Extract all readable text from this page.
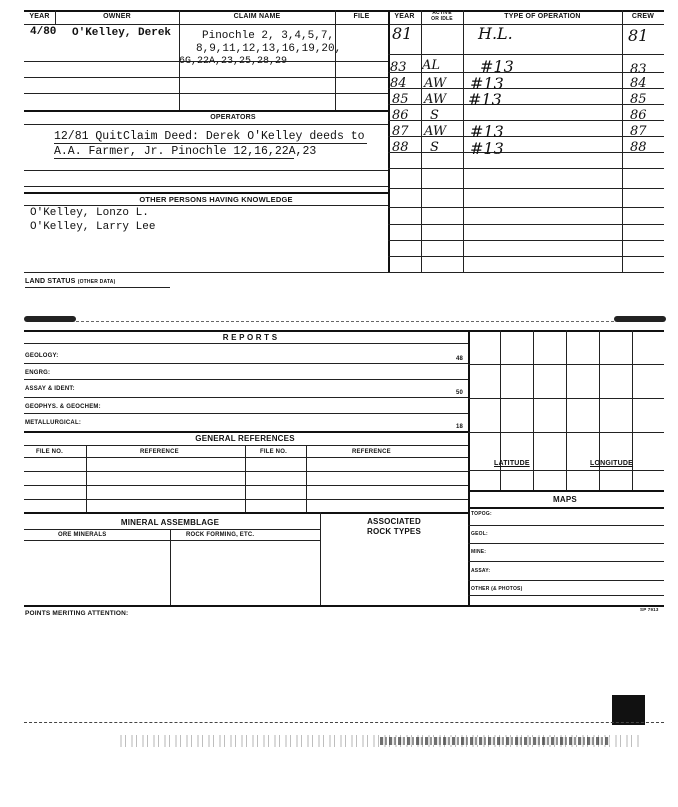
YEAR	OWNER	CLAIM NAME	FILE	YEAR	ACTIVE
OR IDLE	TYPE OF OPERATION	CREW
4/80 O'Kelley, Derek	Pinochle 2, 3,4,5,7,
8,9,11,12,13,16,19,20,
6G,22A,23,25,28,29
OPERATORS
12/81 QuitClaim Deed: Derek O'Kelley deeds to
A.A. Farmer, Jr. Pinochle 12,16,22A,23
OTHER PERSONS HAVING KNOWLEDGE
O'Kelley, Lonzo L.
O'Kelley, Larry Lee
81	H.L.	81
83 AL #13	83
84 AW #13	84
85 AW #13	85
86 S	86
87 AW #13	87
88 S #13	88
LAND STATUS (OTHER DATA)
R E P O R T S
GEOLOGY:	48
ENGRG:
ASSAY & IDENT:
50
GEOPHYS. & GEOCHEM:
METALLURGICAL:
18
GENERAL REFERENCES
FILE NO.	REFERENCE	FILE NO.	REFERENCE
MINERAL ASSEMBLAGE	ASSOCIATED
ROCK TYPES
ORE MINERALS	ROCK FORMING, ETC.
LATITUDE	LONGITUDE
MAPS
TOPOG:
GEOL:
MINE:
ASSAY:
OTHER (& PHOTOS)
POINTS MERITING ATTENTION:
SP 7913
